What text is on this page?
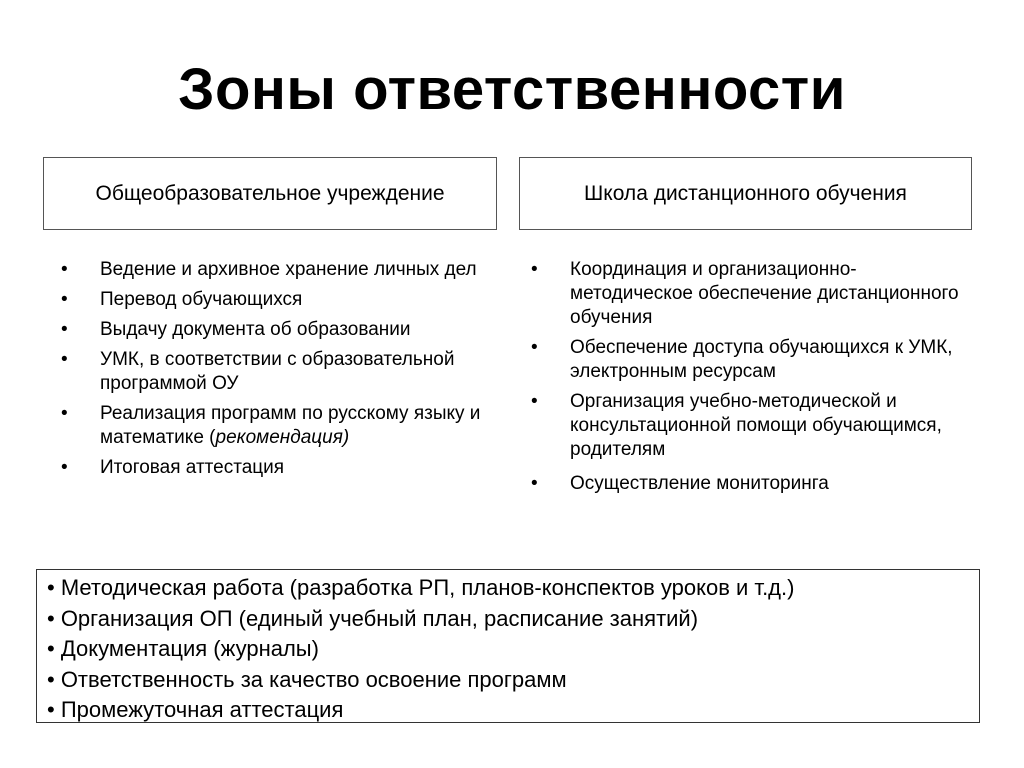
Зоны ответственности
Общеобразовательное учреждение	Школа дистанционного обучения
• Ведение и архивное хранение личных дел
• Перевод обучающихся
• Выдачу документа об образовании
• УМК, в соответствии с образовательной программой ОУ
• Реализация программ по русскому языку и математике (рекомендация)
• Итоговая аттестация
• Координация и организационно-методическое обеспечение дистанционного обучения
• Обеспечение доступа обучающихся к УМК, электронным ресурсам
• Организация учебно-методической и консультационной помощи обучающимся, родителям
• Осуществление мониторинга
• Методическая работа (разработка РП, планов-конспектов уроков и т.д.)
• Организация ОП (единый учебный план, расписание занятий)
• Документация (журналы)
• Ответственность за качество освоение программ
• Промежуточная аттестация
